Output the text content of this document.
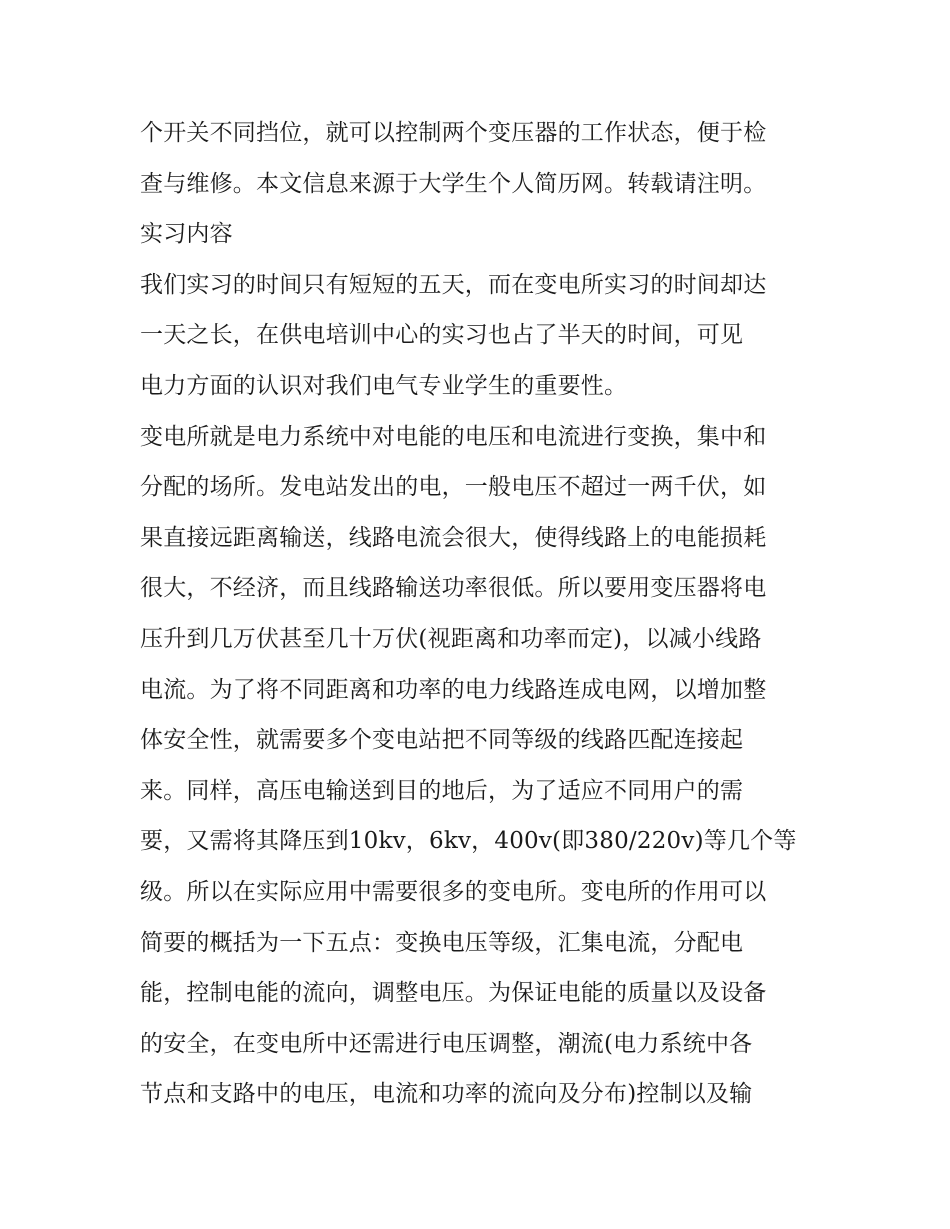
个开关不同挡位，就可以控制两个变压器的工作状态，便于检
查与维修。本文信息来源于大学生个人简历网。转载请注明。
实习内容
我们实习的时间只有短短的五天，而在变电所实习的时间却达
一天之长，在供电培训中心的实习也占了半天的时间，可见
电力方面的认识对我们电气专业学生的重要性。
变电所就是电力系统中对电能的电压和电流进行变换，集中和
分配的场所。发电站发出的电，一般电压不超过一两千伏，如
果直接远距离输送，线路电流会很大，使得线路上的电能损耗
很大，不经济，而且线路输送功率很低。所以要用变压器将电
压升到几万伏甚至几十万伏(视距离和功率而定)，以减小线路
电流。为了将不同距离和功率的电力线路连成电网，以增加整
体安全性，就需要多个变电站把不同等级的线路匹配连接起
来。同样，高压电输送到目的地后，为了适应不同用户的需
要，又需将其降压到10kv，6kv，400v(即380/220v)等几个等
级。所以在实际应用中需要很多的变电所。变电所的作用可以
简要的概括为一下五点：变换电压等级，汇集电流，分配电
能，控制电能的流向，调整电压。为保证电能的质量以及设备
的安全，在变电所中还需进行电压调整，潮流(电力系统中各
节点和支路中的电压，电流和功率的流向及分布)控制以及输
